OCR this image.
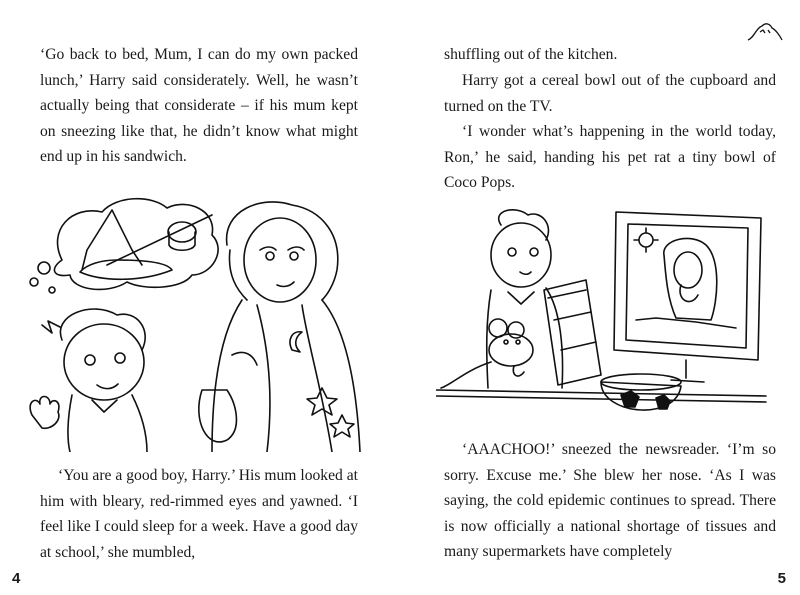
‘Go back to bed, Mum, I can do my own packed lunch,’ Harry said considerately. Well, he wasn’t actually being that considerate – if his mum kept on sneezing like that, he didn’t know what might end up in his sandwich.

‘You are a good boy, Harry.’ His mum looked at him with bleary, red-rimmed eyes and yawned. ‘I feel like I could sleep for a week. Have a good day at school,’ she mumbled,

4

shuffling out of the kitchen.

Harry got a cereal bowl out of the cupboard and turned on the TV.

‘I wonder what’s happening in the world today, Ron,’ he said, handing his pet rat a tiny bowl of Coco Pops.

‘AAACHOO!’ sneezed the newsreader. ‘I’m so sorry. Excuse me.’ She blew her nose. ‘As I was saying, the cold epidemic continues to spread. There is now officially a national shortage of tissues and many supermarkets have completely

5
